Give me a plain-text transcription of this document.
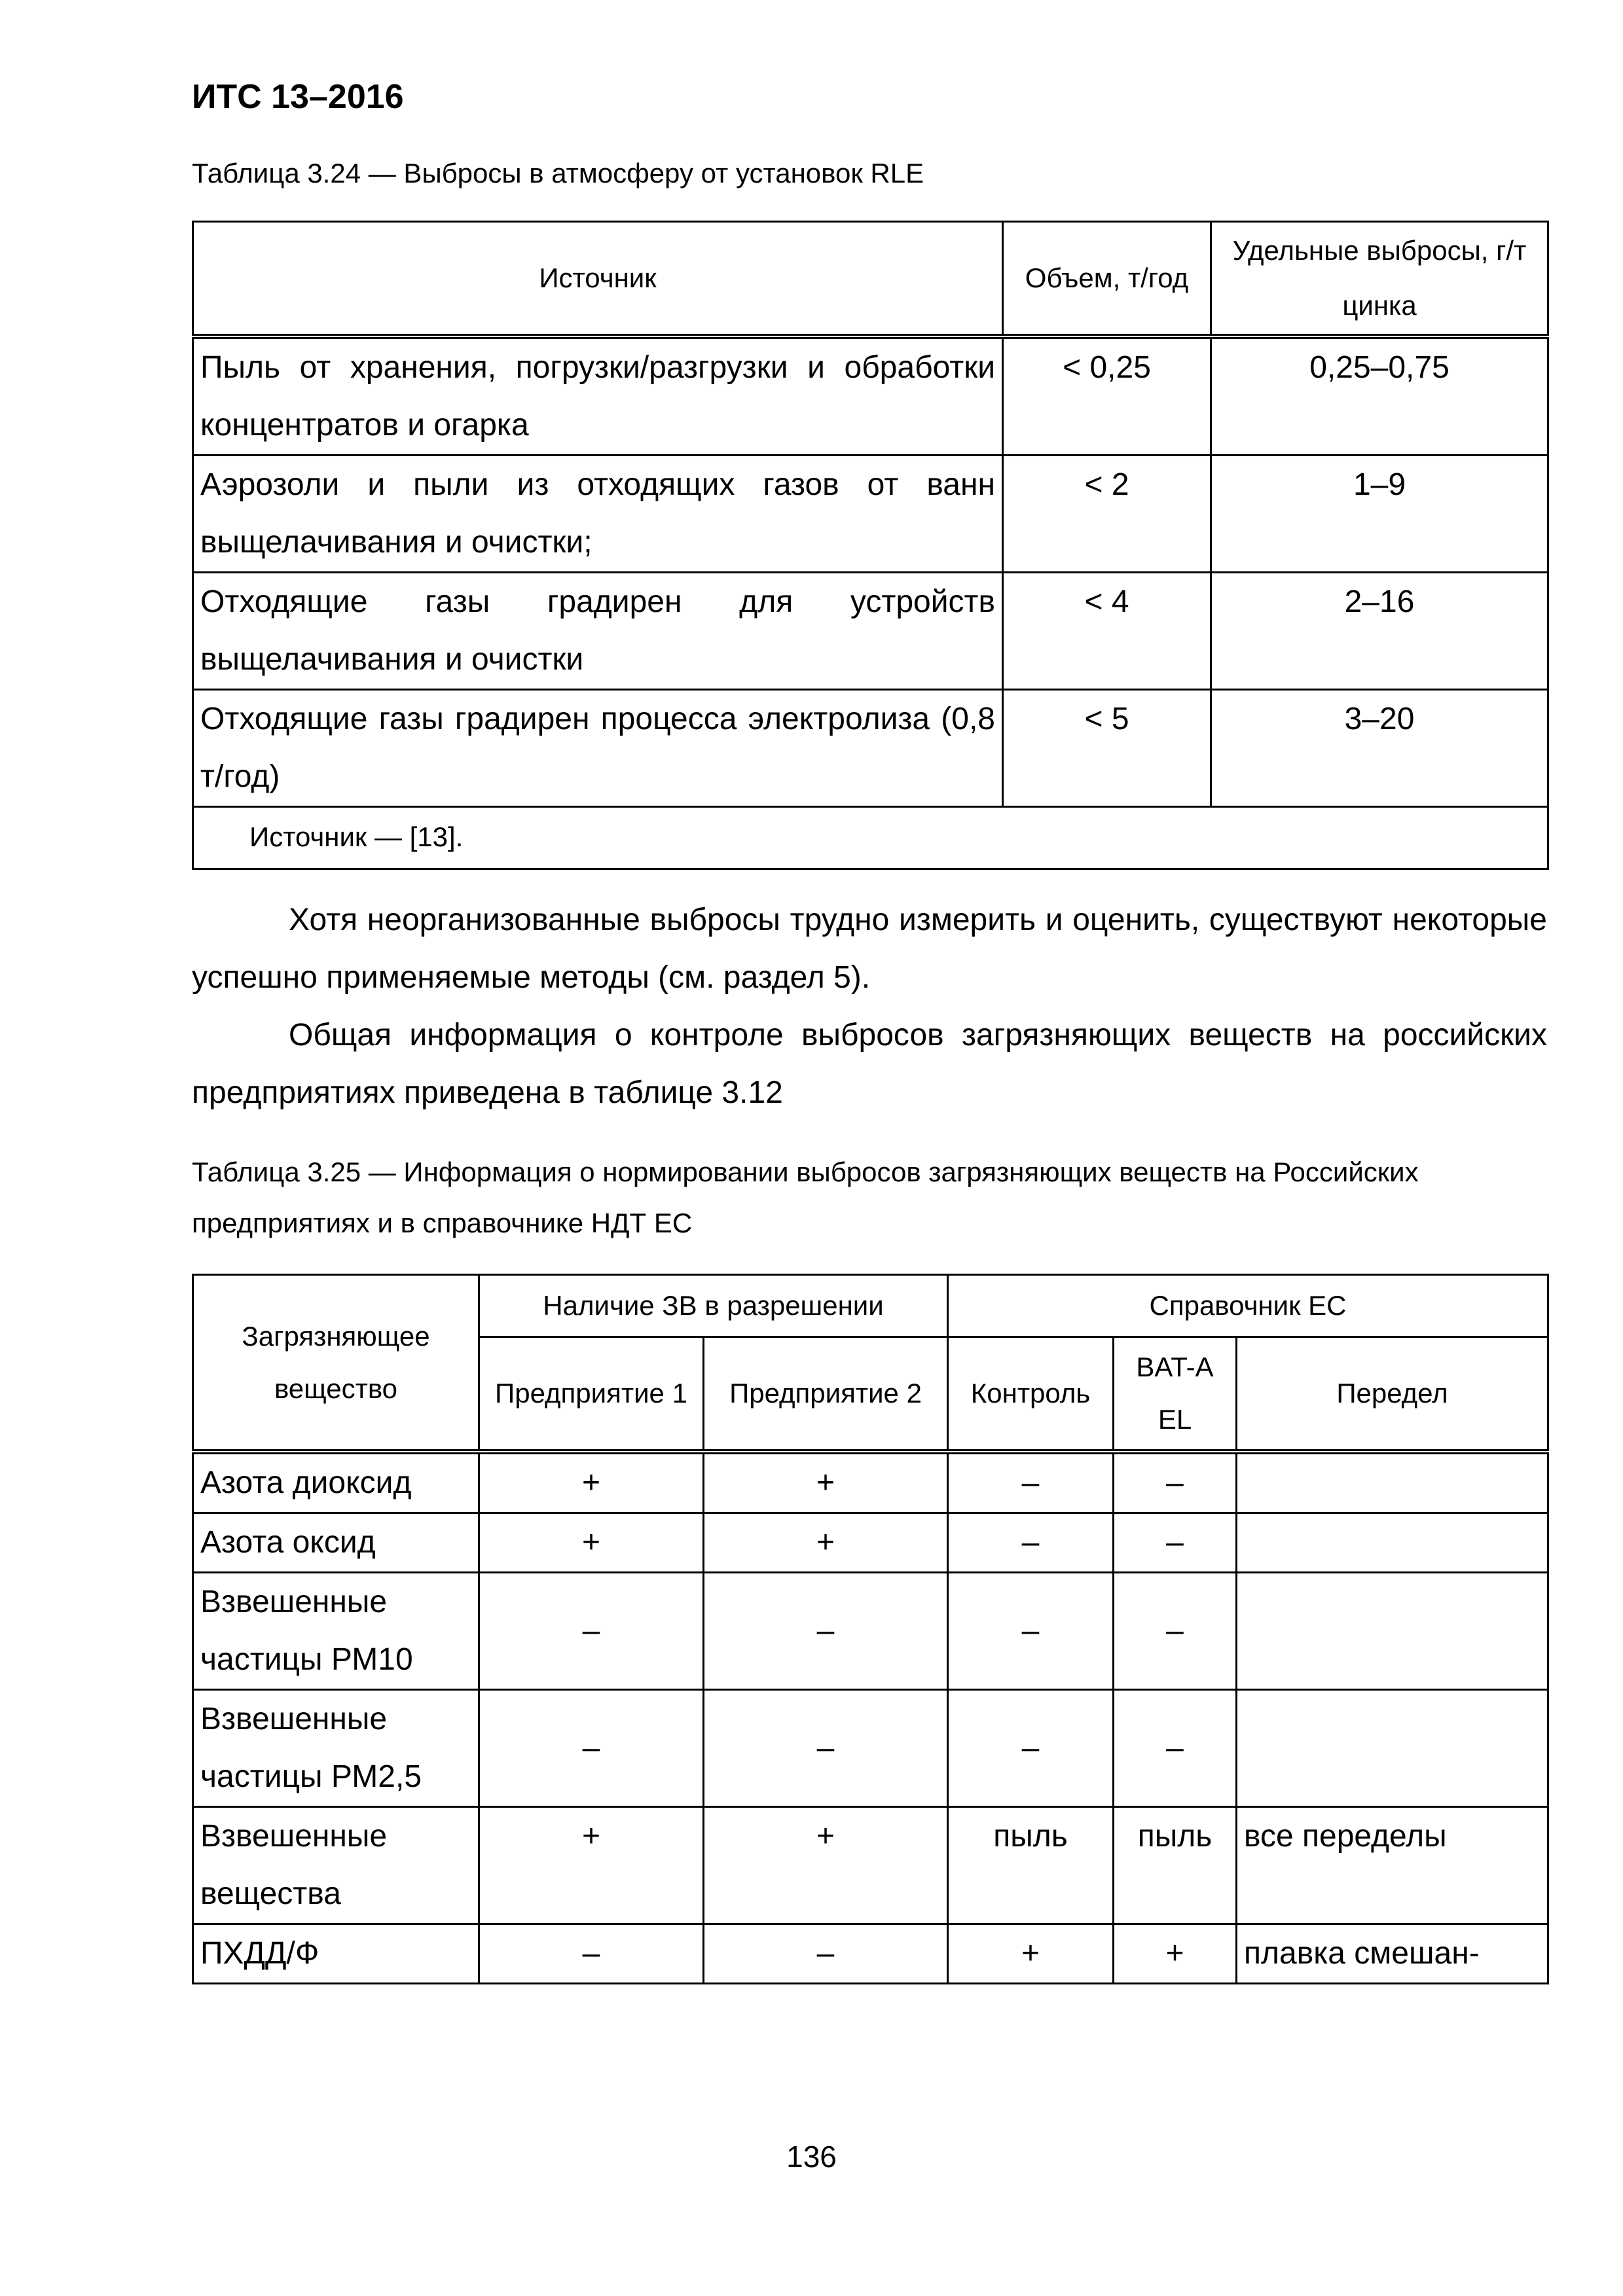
ИТС 13–2016
Таблица 3.24 — Выбросы в атмосферу от установок RLE
Источник	Объем, т/год	Удельные выбросы, г/т цинка
Пыль от хранения, погрузки/разгрузки и обработки концентратов и огарка	< 0,25	0,25–0,75
Аэрозоли и пыли из отходящих газов от ванн выщелачивания и очистки;	< 2	1–9
Отходящие газы градирен для устройств выщелачивания и очистки	< 4	2–16
Отходящие газы градирен процесса электролиза (0,8 т/год)	< 5	3–20
Источник — [13].		
Хотя неорганизованные выбросы трудно измерить и оценить, существуют некоторые успешно применяемые методы (см. раздел 5).
Общая информация о контроле выбросов загрязняющих веществ на российских предприятиях приведена в таблице 3.12
Таблица 3.25 — Информация о нормировании выбросов загрязняющих веществ на Российских предприятиях и в справочнике НДТ ЕС
Загрязняющее вещество	Наличие ЗВ в разрешении		Справочник ЕС		
	Предприятие 1	Предприятие 2	Контроль	BAT-A EL	Передел
Азота диоксид	+	+	–	–	
Азота оксид	+	+	–	–	
Взвешенные частицы РМ10	–	–	–	–	
Взвешенные частицы РМ2,5	–	–	–	–	
Взвешенные вещества	+	+	пыль	пыль	все переделы
ПХДД/Ф	–	–	+	+	плавка смешан-
136
